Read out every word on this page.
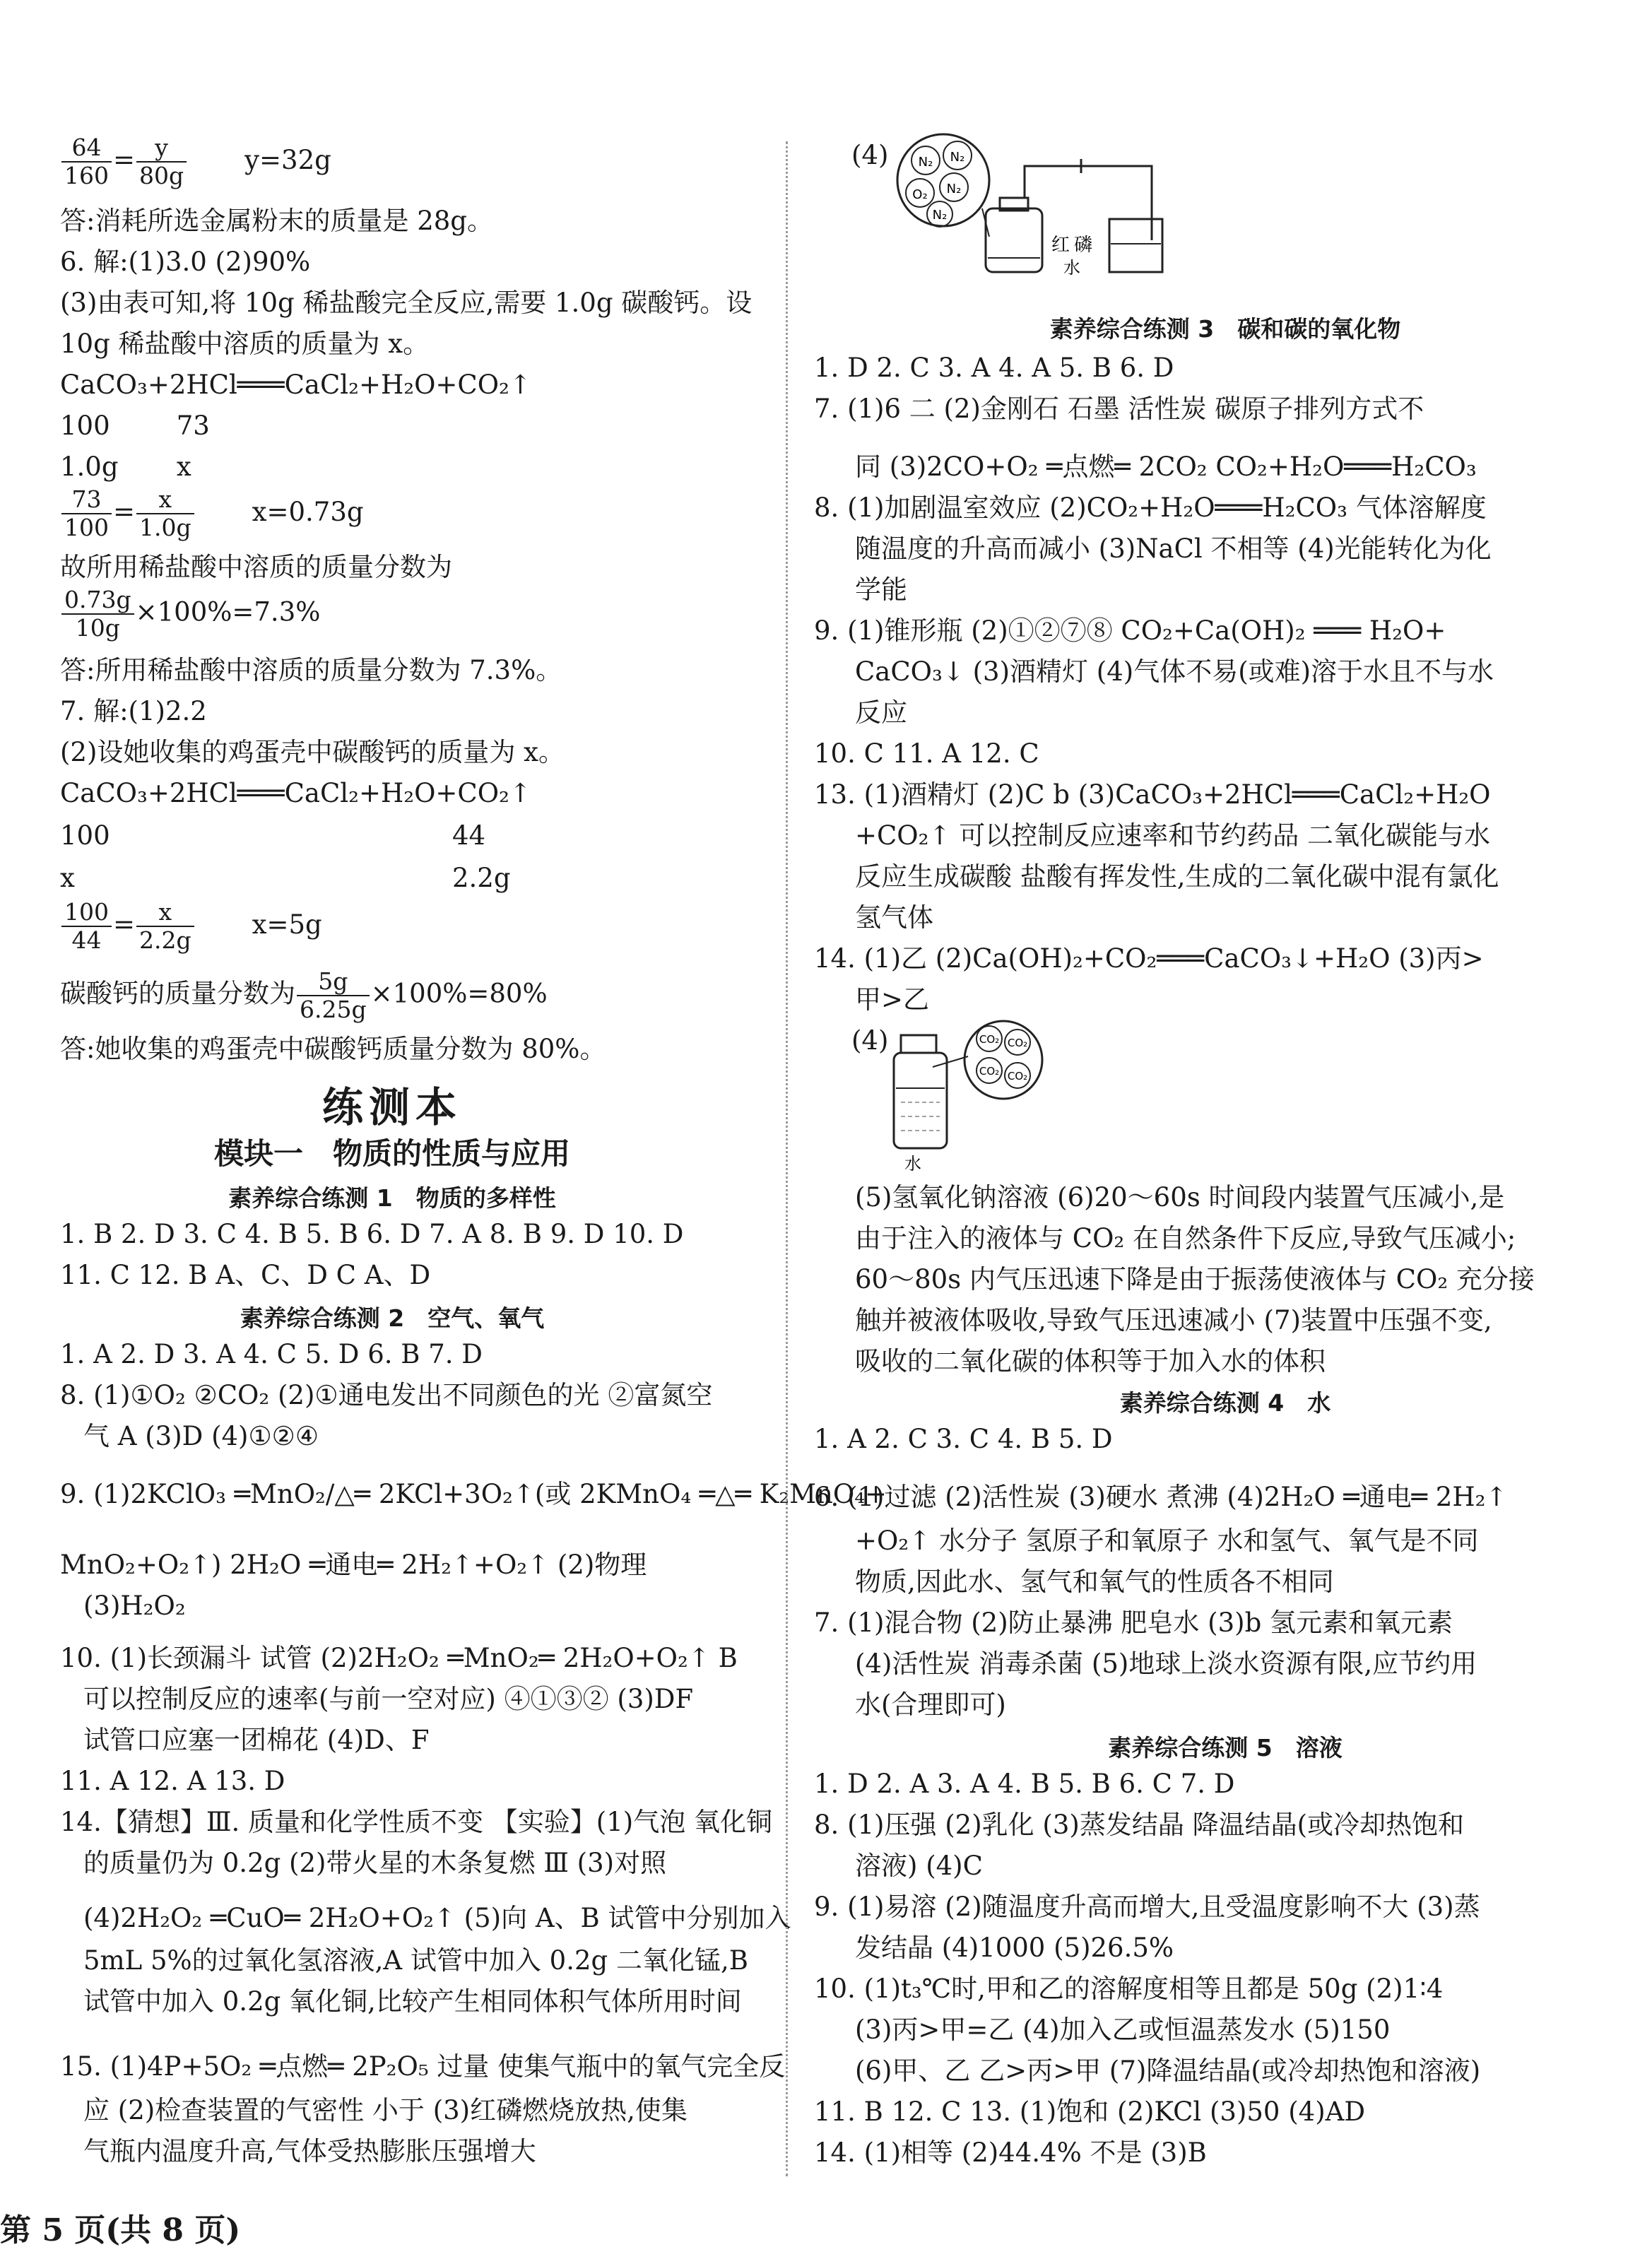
$\frac{64}{160} = \frac{y}{80g} y=32g$
答:消耗所选金属粉末的质量是 28g。
6. 解:(1)3.0 (2)90%
(3)由表可知,将 10g 稀盐酸完全反应,需要 1.0g 碳酸钙。设
10g 稀盐酸中溶质的质量为 x。
CaCO₃+2HCl═══CaCl₂+H₂O+CO₂↑
100        73
1.0g       x
$\frac{73}{100} = \frac{x}{1.0g} x=0.73g$
故所用稀盐酸中溶质的质量分数为
$\frac{0.73g}{10g} \times 100\%=7.3\%$
答:所用稀盐酸中溶质的质量分数为 7.3%。
7. 解:(1)2.2
(2)设她收集的鸡蛋壳中碳酸钙的质量为 x。
CaCO₃+2HCl═══CaCl₂+H₂O+CO₂↑
100	44
x	2.2g
$\frac{100}{44} = \frac{x}{2.2g} x=5g$
碳酸钙的质量分数为 $\frac{5g}{6.25g} \times 100\%=80\%$
答:她收集的鸡蛋壳中碳酸钙质量分数为 80%。
练测本
模块一　物质的性质与应用
素养综合练测 1　物质的多样性
1. B 2. D 3. C 4. B 5. B 6. D 7. A 8. B 9. D 10. D
11. C 12. B A、C、D C A、D
素养综合练测 2　空气、氧气
1. A 2. D 3. A 4. C 5. D 6. B 7. D
8. (1)①O₂ ②CO₂ (2)①通电发出不同颜色的光 ②富氮空
气 A (3)D (4)①②④
9. (1)2KClO₃ ═MnO₂/△═ 2KCl+3O₂↑(或 2KMnO₄ ═△═ K₂MnO₄+
MnO₂+O₂↑) 2H₂O ═通电═ 2H₂↑+O₂↑ (2)物理
(3)H₂O₂
10. (1)长颈漏斗 试管 (2)2H₂O₂ ═MnO₂═ 2H₂O+O₂↑ B
可以控制反应的速率(与前一空对应) ④①③② (3)DF
试管口应塞一团棉花 (4)D、F
11. A 12. A 13. D
14.【猜想】Ⅲ. 质量和化学性质不变 【实验】(1)气泡 氧化铜
的质量仍为 0.2g (2)带火星的木条复燃 Ⅲ (3)对照
(4)2H₂O₂ ═CuO═ 2H₂O+O₂↑ (5)向 A、B 试管中分别加入
5mL 5%的过氧化氢溶液,A 试管中加入 0.2g 二氧化锰,B
试管中加入 0.2g 氧化铜,比较产生相同体积气体所用时间
15. (1)4P+5O₂ ═点燃═ 2P₂O₅ 过量 使集气瓶中的氧气完全反
应 (2)检查装置的气密性 小于 (3)红磷燃烧放热,使集
气瓶内温度升高,气体受热膨胀压强增大
第 5 页(共 8 页)
(4) N₂ N₂
O₂ N₂
N₂
红 磷
水
素养综合练测 3　碳和碳的氧化物
1. D 2. C 3. A 4. A 5. B 6. D
7. (1)6 二 (2)金刚石 石墨 活性炭 碳原子排列方式不
同 (3)2CO+O₂ ═点燃═ 2CO₂ CO₂+H₂O═══H₂CO₃
8. (1)加剧温室效应 (2)CO₂+H₂O═══H₂CO₃ 气体溶解度
随温度的升高而减小 (3)NaCl 不相等 (4)光能转化为化
学能
9. (1)锥形瓶 (2)①②⑦⑧ CO₂+Ca(OH)₂ ═══ H₂O+
CaCO₃↓ (3)酒精灯 (4)气体不易(或难)溶于水且不与水
反应
10. C 11. A 12. C
13. (1)酒精灯 (2)C b (3)CaCO₃+2HCl═══CaCl₂+H₂O
+CO₂↑ 可以控制反应速率和节约药品 二氧化碳能与水
反应生成碳酸 盐酸有挥发性,生成的二氧化碳中混有氯化
氢气体
14. (1)乙 (2)Ca(OH)₂+CO₂═══CaCO₃↓+H₂O (3)丙>
甲>乙
(4)	CO₂ CO₂
CO₂ CO₂
水
(5)氢氧化钠溶液 (6)20～60s 时间段内装置气压减小,是
由于注入的液体与 CO₂ 在自然条件下反应,导致气压减小;
60～80s 内气压迅速下降是由于振荡使液体与 CO₂ 充分接
触并被液体吸收,导致气压迅速减小 (7)装置中压强不变,
吸收的二氧化碳的体积等于加入水的体积
素养综合练测 4　水
1. A 2. C 3. C 4. B 5. D
6. (1)过滤 (2)活性炭 (3)硬水 煮沸 (4)2H₂O ═通电═ 2H₂↑
+O₂↑ 水分子 氢原子和氧原子 水和氢气、氧气是不同
物质,因此水、氢气和氧气的性质各不相同
7. (1)混合物 (2)防止暴沸 肥皂水 (3)b 氢元素和氧元素
(4)活性炭 消毒杀菌 (5)地球上淡水资源有限,应节约用
水(合理即可)
素养综合练测 5　溶液
1. D 2. A 3. A 4. B 5. B 6. C 7. D
8. (1)压强 (2)乳化 (3)蒸发结晶 降温结晶(或冷却热饱和
溶液) (4)C
9. (1)易溶 (2)随温度升高而增大,且受温度影响不大 (3)蒸
发结晶 (4)1000 (5)26.5%
10. (1)t₃℃时,甲和乙的溶解度相等且都是 50g (2)1∶4
(3)丙>甲=乙 (4)加入乙或恒温蒸发水 (5)150
(6)甲、乙 乙>丙>甲 (7)降温结晶(或冷却热饱和溶液)
11. B 12. C 13. (1)饱和 (2)KCl (3)50 (4)AD
14. (1)相等 (2)44.4% 不是 (3)B
